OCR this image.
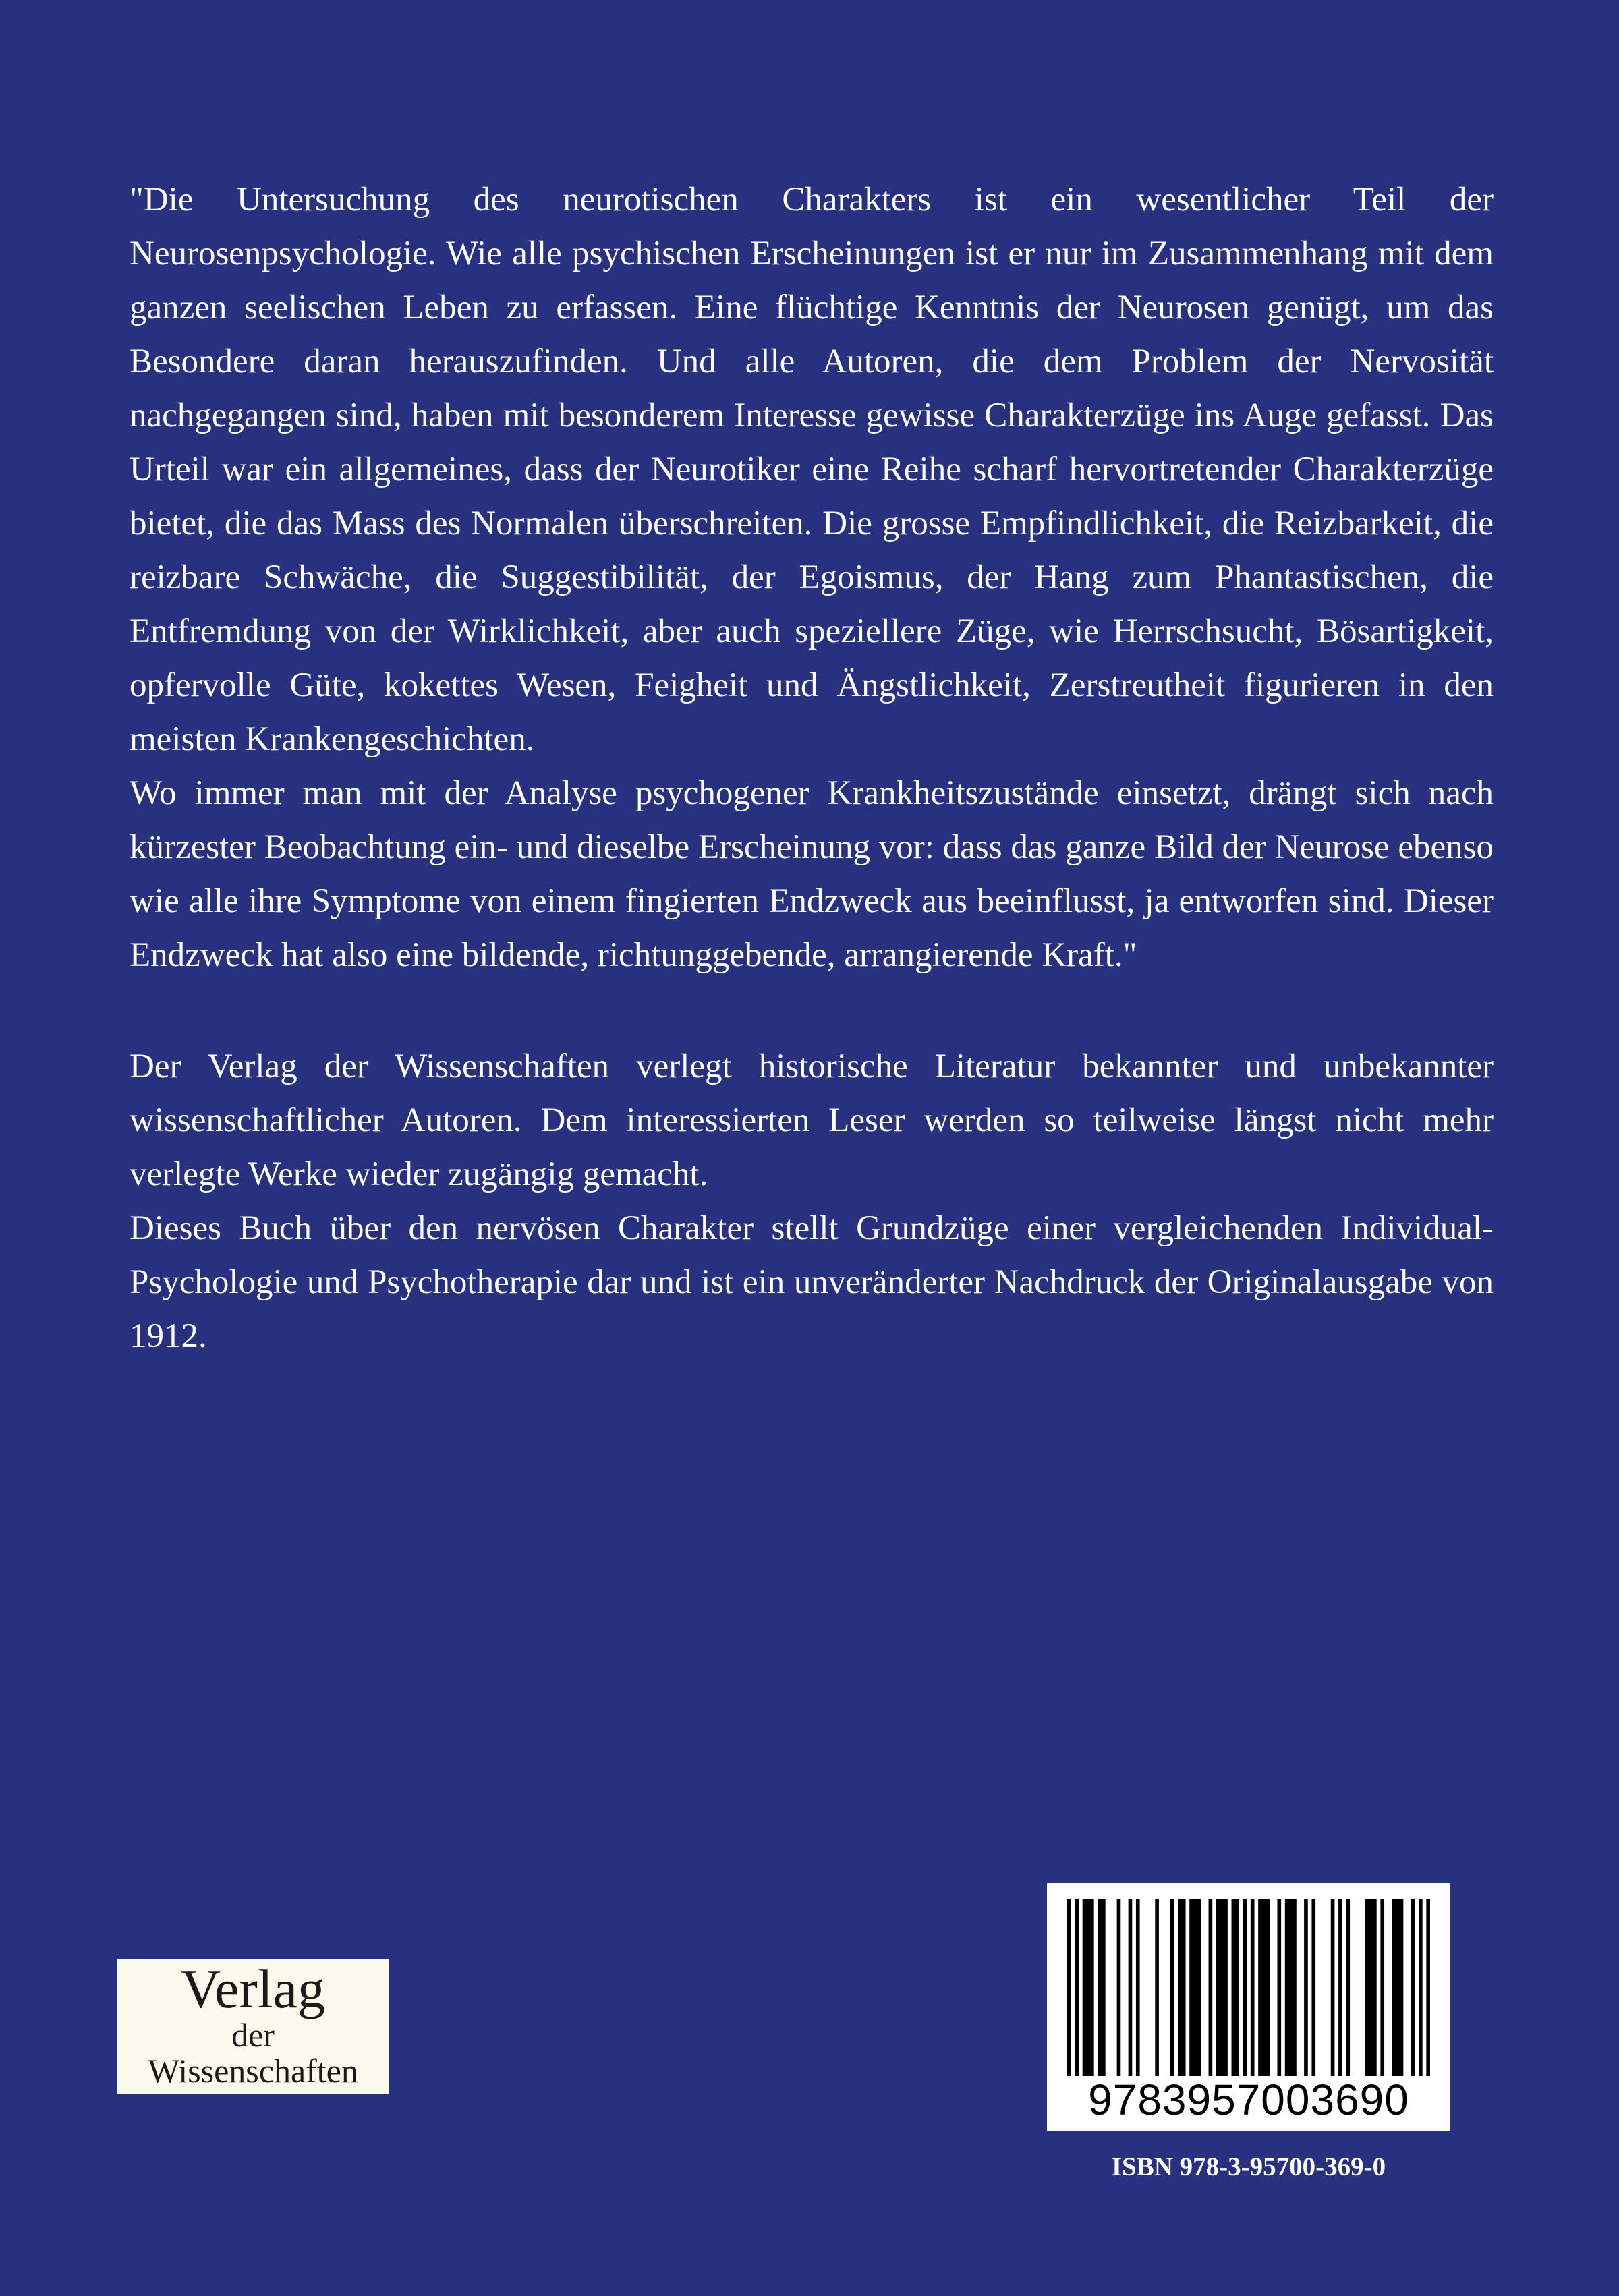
"Die Untersuchung des neurotischen Charakters ist ein wesentlicher Teil der Neurosenpsychologie. Wie alle psychischen Erscheinungen ist er nur im Zusammenhang mit dem ganzen seelischen Leben zu erfassen. Eine flüchtige Kenntnis der Neurosen genügt, um das Besondere daran herauszufinden. Und alle Autoren, die dem Problem der Nervosität nachgegangen sind, haben mit besonderem Interesse gewisse Charakterzüge ins Auge gefasst. Das Urteil war ein allgemeines, dass der Neurotiker eine Reihe scharf hervortretender Charakterzüge bietet, die das Mass des Normalen überschreiten. Die grosse Empfindlichkeit, die Reizbarkeit, die reizbare Schwäche, die Suggestibilität, der Egoismus, der Hang zum Phantastischen, die Entfremdung von der Wirklichkeit, aber auch speziellere Züge, wie Herrschsucht, Bösartigkeit, opfervolle Güte, kokettes Wesen, Feigheit und Ängstlichkeit, Zerstreutheit figurieren in den meisten Krankengeschichten.

Wo immer man mit der Analyse psychogener Krankheitszustände einsetzt, drängt sich nach kürzester Beobachtung ein- und dieselbe Erscheinung vor: dass das ganze Bild der Neurose ebenso wie alle ihre Symptome von einem fingierten Endzweck aus beeinflusst, ja entworfen sind. Dieser Endzweck hat also eine bildende, richtunggebende, arrangierende Kraft."

Der Verlag der Wissenschaften verlegt historische Literatur bekannter und unbekannter wissenschaftlicher Autoren. Dem interessierten Leser werden so teilweise längst nicht mehr verlegte Werke wieder zugängig gemacht.

Dieses Buch über den nervösen Charakter stellt Grundzüge einer vergleichenden Individual-Psychologie und Psychotherapie dar und ist ein unveränderter Nachdruck der Originalausgabe von 1912.

Verlag
der
Wissenschaften
9783957003690
ISBN 978-3-95700-369-0
